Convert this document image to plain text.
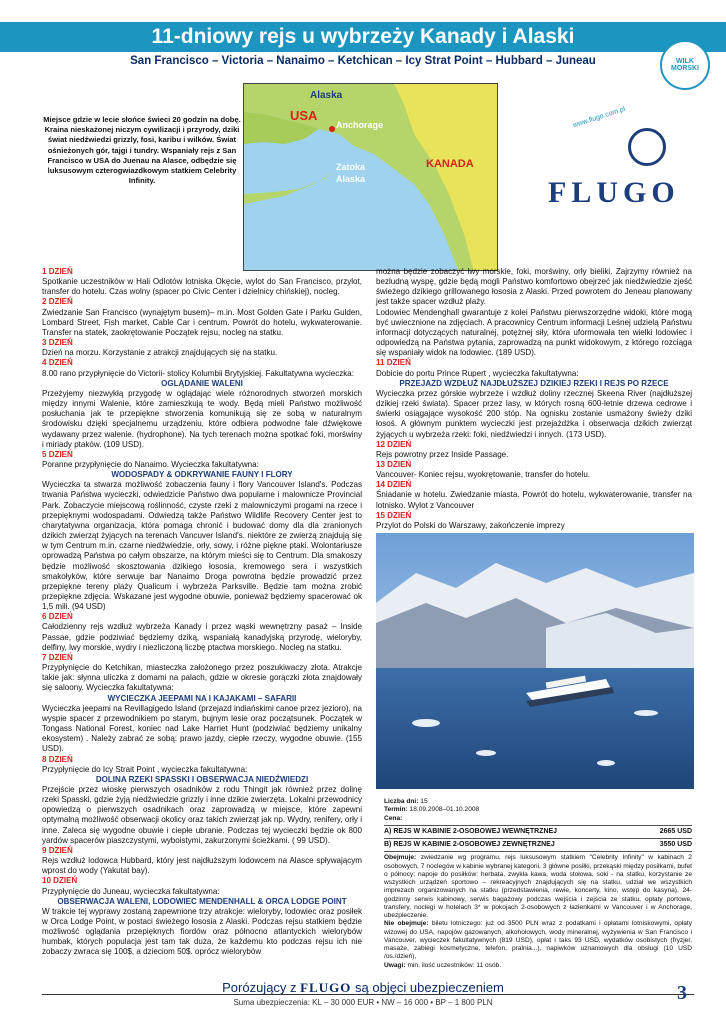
11-dniowy rejs u wybrzeży Kanady i Alaski
San Francisco – Victoria – Nanaimo – Ketchican – Icy Strat Point – Hubbard – Juneau	WILK MORSKI
Miejsce gdzie w lecie słońce świeci 20 godzin na dobę. Kraina nieskażonej niczym cywilizacji i przyrody, dziki świat niedźwiedzi grizzly, fosi, karibu i wilków. Świat ośnieżonych gór, tajgi i tundry. Wspaniały rejs z San Francisco w USA do Juenau na Alasce, odbędzie się luksusowym czterogwiazdkowym statkiem Celebrity Infinity.
Alaska
USA
Anchorage
Zatoka
Alaska
KANADA
www.flugo.com.pl
FLUGO
1 DZIEŃ

Spotkanie uczestników w Hali Odlotów lotniska Okęcie, wylot do San Francisco, przylot, transfer do hotelu. Czas wolny (spacer po Civic Center i dzielnicy chińskiej), nocleg.

2 DZIEŃ

Zwiedzanie San Francisco (wynajętym busem)– m.in. Most Golden Gate i Parku Gulden, Lombard Street, Fish market, Cable Car i centrum. Powrót do hotelu, wykwaterowanie. Transfer na statek, zaokrętowanie Początek rejsu, nocleg na statku.

3 DZIEŃ

Dzień na morzu. Korzystanie z atrakcji znajdujących się na statku.

4 DZIEŃ

8.00 rano przypłynięcie do Victorii- stolicy Kolumbii Brytyjskiej. Fakultatywna wycieczka:

OGLĄDANIE WALENI

Przeżyjemy niezwykłą przygodę w oglądając wiele różnorodnych stworzeń morskich między innymi Walenie, które zamieszkują te wody. Będą mieli Państwo możliwość posłuchania jak te przepiękne stworzenia komunikują się ze sobą w naturalnym środowisku dzięki specjalnemu urządzeniu, które odbiera podwodne fale dźwiękowe wydawany przez walenie. (hydrophone). Na tych terenach można spotkać foki, morświny i miriady ptaków. (109 USD).

5 DZIEŃ

Poranne przypłynięcie do Nanaimo. Wycieczka fakultatywna:

WODOSPADY & ODKRYWANIE FAUNY I FLORY

Wycieczka ta stwarza możliwość zobaczenia fauny i flory Vancouver Island's. Podczas trwania Państwa wycieczki, odwiedzicie Państwo dwa popularne i malownicze Provincial Park. Zobaczycie miejscową roślinność, czyste rzeki z malowniczymi progami na rzece i przepięknymi wodospadami. Odwiedzą także Państwo Wildlife Recovery Center jest to charytatywna organizacja, która pomaga chronić i budować domy dla dla zranionych dzikich zwierząt żyjących na terenach Vancuver Island's. niektóre ze zwierzą znajdują się w tym Centrum m.in. czarne niedźwiedzie, orły, sowy, i różne piękne ptaki. Wolontariusze oprowadzą Państwa po całym obszarze, na którym mieści się to Centrum. Dla smakoszy będzie możliwość skosztowania dzikiego łososia, kremowego sera i wszystkich smakołyków, które serwuje bar Nanaimo Droga powrotna będzie prowadzić przez przepiękne tereny plaży Qualicum i wybrzeża Parksville. Będzie tam można zrobić przepiękne zdjęcia. Wskazane jest wygodne obuwie, ponieważ będziemy spacerować ok 1,5 mili. (94 USD)

6 DZIEŃ

Całodzienny rejs wzdłuż wybrzeża Kanady i przez wąski wewnętrzny pasaż – Inside Passae, gdzie podziwiać będziemy dziką, wspaniałą kanadyjską przyrodę, wieloryby, delfiny, lwy morskie, wydry i niezliczoną liczbę ptactwa morskiego. Nocleg na statku.

7 DZIEŃ

Przypłynięcie do Ketchikan, miasteczka założonego przez poszukiwaczy złota. Atrakcje takie jak: słynna uliczka z domami na palach, gdzie w okresie gorączki złota znajdowały się saloony. Wycieczka fakultatywna:

WYCIECZKA JEEPAMI NA I KAJAKAMI – SAFARII

Wycieczka jeepami na Revillagigedo Island (przejazd indiańskimi canoe przez jezioro), na wyspie spacer z przewodnikiem po starym, bujnym lesie oraz początsunek. Początek w Tongass National Forest, koniec nad Lake Harriet Hunt (podziwiać będziemy unikalny ekosystem) . Należy zabrać ze sobą: prawo jazdy, ciepłe rzeczy, wygodne obuwie. (155 USD).

8 DZIEŃ

Przypłynięcie do Icy Strait Point , wycieczka fakultatywna:

DOLINA RZEKI SPASSKI I OBSERWACJA NIEDŹWIEDZI

Przejście przez wioskę pierwszych osadników z rodu Thingit jak również przez dolinę rzeki Spasski, gdzie żyją niedźwiedzie grizzly i inne dzikie zwierzęta. Lokalni przewodnicy opowiedzą o pierwszych osadnikach oraz zaprowadzą w miejsce, które zapewni optymalną możliwość obserwacji okolicy oraz takich zwierząt jak np. Wydry, renifery, orły i inne. Zaleca się wygodne obuwie i ciepłe ubranie. Podczas tej wycieczki będzie ok 800 yardów spacerów piaszczystymi, wyboistymi, zakurzonymi ścieżkami. ( 99 USD).

9 DZIEŃ

Rejs wzdłuż lodowca Hubbard, który jest najdłuższym lodowcem na Alasce spływającym wprost do wody (Yakutat bay).

10 DZIEŃ

Przypłynięcie do Juneau, wycieczka fakultatywna:

OBSERWACJA WALENI, LODOWIEC MENDENHALL & ORCA LODGE POINT

W trakcie tej wyprawy zostaną zapewnione trzy atrakcje: wieloryby, lodowiec oraz posiłek w Orca Lodge Point, w postaci świeżego łososia z Alaski. Podczas rejsu statkiem będzie możliwość oglądania przepięknych fiordów oraz północno atlantyckich wielorybów humbak, których populacja jest tam tak duża, że każdemu kto podczas rejsu ich nie zobaczy zwraca się 100$, a dzieciom 50$. oprócz wielorybów

można będzie zobaczyć lwy morskie, foki, morświny, orły bieliki. Zajrzymy również na bezludną wyspę, gdzie będą mogli Państwo komfortowo obejrzeć jak niedźwiedzie zjeść świeżego dzikiego grillowanego łososia z Alaski. Przed powrotem do Jeneau planowany jest także spacer wzdłuż plaży.

Lodowiec Mendenghall gwarantuje z kolei Państwu pierwszorzędne widoki, które mogą być uwiecznione na zdjęciach. A pracownicy Centrum informacji Leśnej udzielą Państwu informacji dotyczących naturalnej, potężnej siły, która uformowała ten wielki lodowiec i odpowiedzą na Państwa pytania, zaprowadzą na punkt widokowym, z którego rozciąga się wspaniały widok na lodowiec. (189 USD).

11 DZIEŃ

Dobicie do portu Prince Rupert , wycieczka fakultatywna:

PRZEJAZD WZDŁUŻ NAJDŁUŻSZEJ DZIKIEJ RZEKI I REJS PO RZECE

Wycieczka przez górskie wybrzeże i wzdłuż doliny rzecznej Skeena River (najdłuższej dzikiej rzeki świata). Spacer przez lasy, w których rosną 600-letnie drzewa cedrowe i świerki osiągające wysokość 200 stóp. Na ognisku zostanie usmażony świeży dziki łosoś. A głównym punktem wycieczki jest przejażdżka i obserwacja dzikich zwierząt żyjących u wybrzeża rzeki: foki, niedźwiedzi i innych. (173 USD).

12 DZIEŃ

Rejs powrotny przez Inside Passage.

13 DZIEŃ

Vancouver- Koniec rejsu, wyokrętowanie, transfer do hotelu.

14 DZIEŃ

Śniadanie w hotelu. Zwiedzanie miasta. Powrót do hotelu, wykwaterowanie, transfer na lotnisko. Wylot z Vancouver

15 DZIEŃ

Przylot do Polski do Warszawy, zakończenie imprezy

Liczba dni: 15
Termin: 18.09.2008–01.10.2008
Cena:
A) REJS W KABINIE 2-OSOBOWEJ WEWNĘTRZNEJ	2665 USD
B) REJS W KABINIE 2-OSOBOWEJ ZEWNĘTRZNEJ	3550 USD
Obejmuje: zwiedzanie wg programu, rejs luksusowym statkiem "Celebrity Infinity" w kabinach 2 osobowych, 7 noclegów w kabinie wybranej kategorii, 3 główne posiłki, przekąski między posiłkami, bufet o północy; napoje do posiłków: herbata, zwykła kawa, woda stołowa, soki - na statku, korzystanie ze wszystkich urządzeń sportowo – rekreacyjnych znajdujących się na statku, udział we wszystkich imprezach organizowanych na statku (przedstawienia, rewie, koncerty, kino, wstęp do kasyna), 24-godzinny serwis kabinowy, serwis bagażowy podczas wejścia i zejścia ze statku, opłaty portowe, transfery, noclegi w hotelach 3* w pokojach 2-osobowych z łazienkami w Vancouver i w Anchorage, ubezpieczenie.
Nie obejmuje: biletu lotniczego: już od 3500 PLN wraz z podatkami i opłatami lotniskowymi, opłaty wizowej do USA, napojów gazowanych, alkoholowych, wody mineralnej, wyżywienia w San Francisco i Vancouver, wycieczek fakultatywnych (819 USD), opłat i taks 93 USD, wydatków osobistych (fryzjer, masaże, zabiegi kosmetyczne, telefon, pralnia...), napiwków uznaniowych dla obsługi (10 USD /os./dzień),
Uwagi: min. ilość uczestników: 11 osób.
Porózujący z FLUGO są objęci ubezpieczeniem
Suma ubezpieczenia: KL – 30 000 EUR • NW – 16 000 • BP – 1 800 PLN	3
